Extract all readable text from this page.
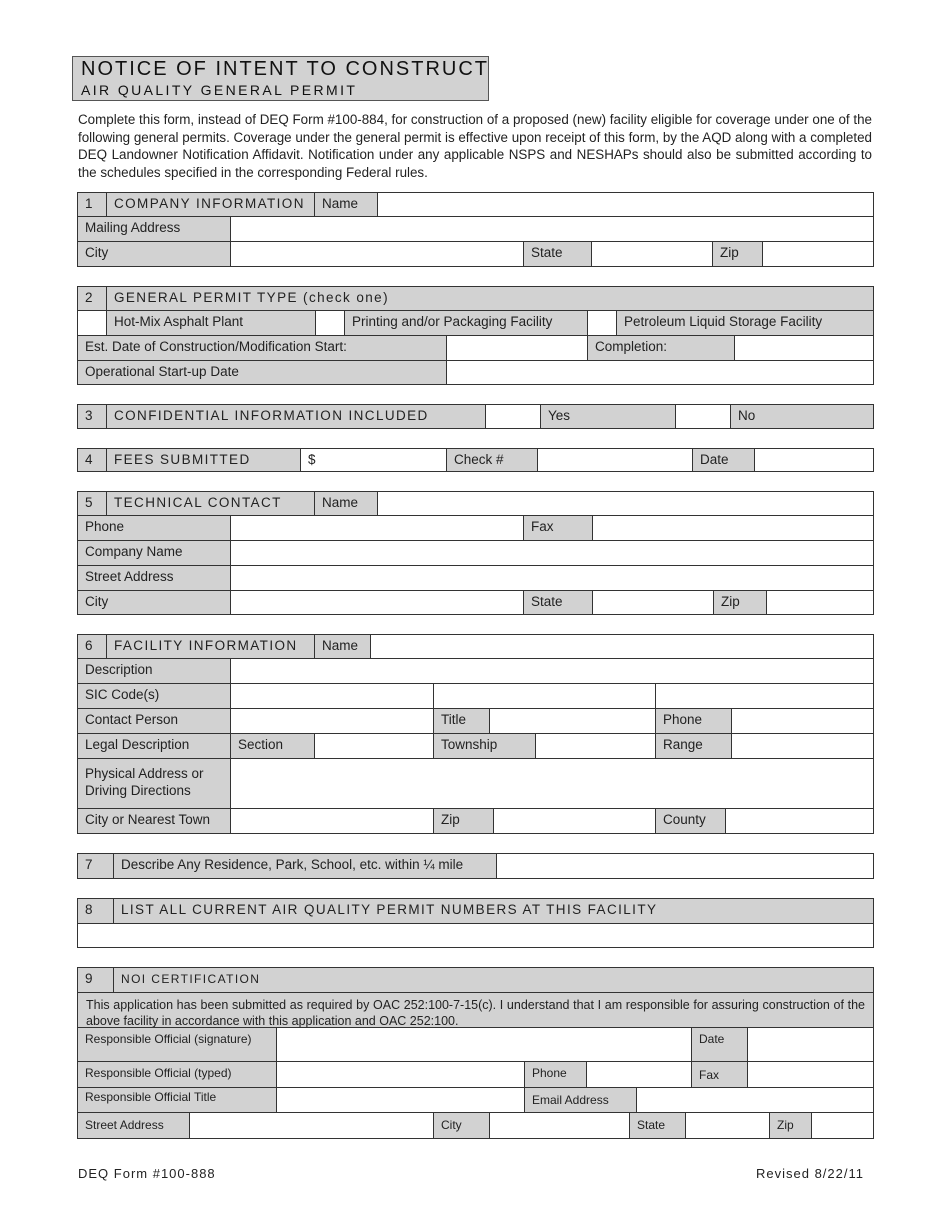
NOTICE OF INTENT TO CONSTRUCT
AIR QUALITY GENERAL PERMIT

Complete this form, instead of DEQ Form #100-884, for construction of a proposed (new) facility eligible for coverage under one of the following general permits. Coverage under the general permit is effective upon receipt of this form, by the AQD along with a completed DEQ Landowner Notification Affidavit. Notification under any applicable NSPS and NESHAPs should also be submitted according to the schedules specified in the corresponding Federal rules.

1	COMPANY INFORMATION	Name
Mailing Address
City	State	Zip
2	GENERAL PERMIT TYPE (check one)
Hot-Mix Asphalt Plant	Printing and/or Packaging Facility	Petroleum Liquid Storage Facility
Est. Date of Construction/Modification Start:	Completion:
Operational Start-up Date
3	CONFIDENTIAL INFORMATION INCLUDED	Yes	No
4	FEES SUBMITTED	$	Check #	Date
5	TECHNICAL CONTACT	Name
Phone	Fax
Company Name
Street Address
City	State	Zip
6	FACILITY INFORMATION	Name
Description
SIC Code(s)
Contact Person	Title	Phone
Legal Description	Section	Township	Range
Physical Address or Driving Directions
City or Nearest Town	Zip	County
7	Describe Any Residence, Park, School, etc. within ¼ mile
8	LIST ALL CURRENT AIR QUALITY PERMIT NUMBERS AT THIS FACILITY
9	NOI CERTIFICATION
This application has been submitted as required by OAC 252:100-7-15(c). I understand that I am responsible for assuring construction of the above facility in accordance with this application and OAC 252:100.
Responsible Official (signature)	Date
Responsible Official (typed)	Phone	Fax
Responsible Official Title	Email Address
Street Address	City	State	Zip
DEQ Form #100-888	Revised 8/22/11
